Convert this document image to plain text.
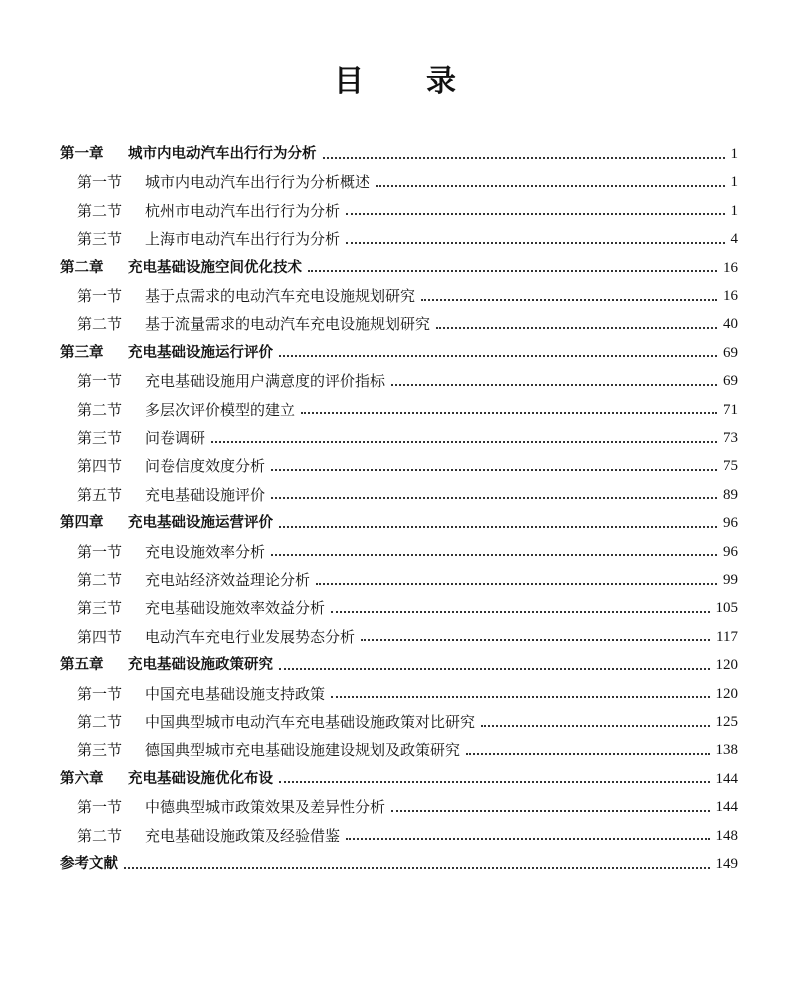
目录
第一章	城市内电动汽车出行行为分析	1
第一节	城市内电动汽车出行行为分析概述	1
第二节	杭州市电动汽车出行行为分析	1
第三节	上海市电动汽车出行行为分析	4
第二章	充电基础设施空间优化技术	16
第一节	基于点需求的电动汽车充电设施规划研究	16
第二节	基于流量需求的电动汽车充电设施规划研究	40
第三章	充电基础设施运行评价	69
第一节	充电基础设施用户满意度的评价指标	69
第二节	多层次评价模型的建立	71
第三节	问卷调研	73
第四节	问卷信度效度分析	75
第五节	充电基础设施评价	89
第四章	充电基础设施运营评价	96
第一节	充电设施效率分析	96
第二节	充电站经济效益理论分析	99
第三节	充电基础设施效率效益分析	105
第四节	电动汽车充电行业发展势态分析	117
第五章	充电基础设施政策研究	120
第一节	中国充电基础设施支持政策	120
第二节	中国典型城市电动汽车充电基础设施政策对比研究	125
第三节	德国典型城市充电基础设施建设规划及政策研究	138
第六章	充电基础设施优化布设	144
第一节	中德典型城市政策效果及差异性分析	144
第二节	充电基础设施政策及经验借鉴	148
参考文献	149
